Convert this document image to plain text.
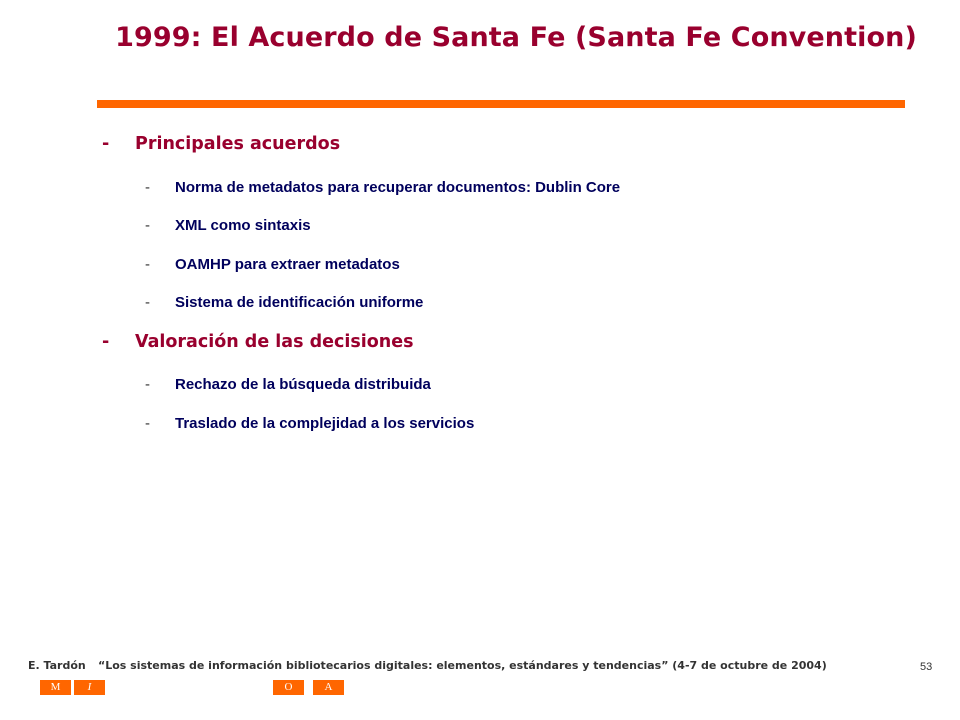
1999: El Acuerdo de Santa Fe (Santa Fe Convention)
- Principales acuerdos
- Norma de metadatos para recuperar documentos: Dublin Core
- XML como sintaxis
- OAMHP para extraer metadatos
- Sistema de identificación uniforme
- Valoración de las decisiones
- Rechazo de la búsqueda distribuida
- Traslado de la complejidad a los servicios
E. Tardón “Los sistemas de información bibliotecarios digitales: elementos, estándares y tendencias” (4-7 de octubre de 2004)	53
M	I	O	A
